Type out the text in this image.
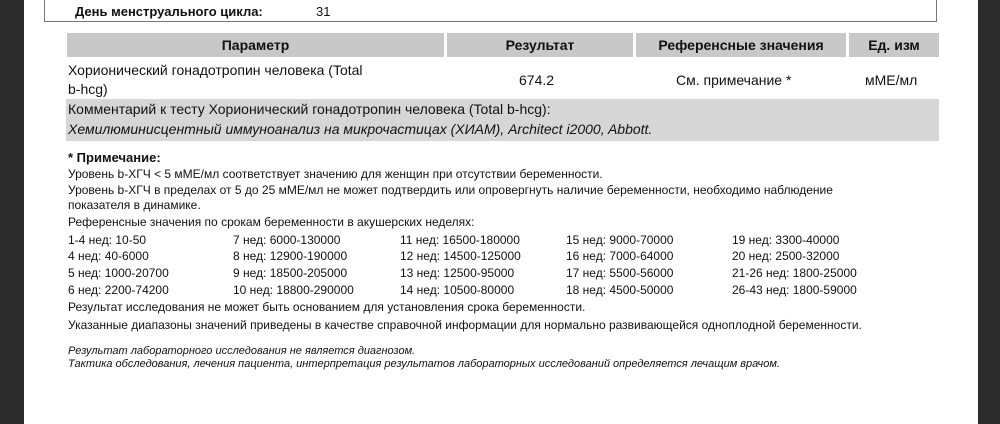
День менструального цикла:	31
Параметр	Результат	Референсные значения	Ед. изм
Хорионический гонадотропин человека (Total
b-hcg)
674.2	См. примечание *	мМЕ/мл
Комментарий к тесту Хорионический гонадотропин человека (Total b-hcg):
Хемилюминисцентный иммуноанализ на микрочастицах (ХИАМ), Architect i2000, Abbott.
* Примечание:
Уровень b-ХГЧ < 5 мМЕ/мл соответствует значению для женщин при отсутствии беременности.
Уровень b-ХГЧ в пределах от 5 до 25 мМЕ/мл не может подтвердить или опровергнуть наличие беременности, необходимо наблюдение
показателя в динамике.
Референсные значения по срокам беременности в акушерских неделях:
1-4 нед: 10-50	7 нед: 6000-130000	11 нед: 16500-180000	15 нед: 9000-70000	19 нед: 3300-40000
4 нед: 40-6000	8 нед: 12900-190000	12 нед: 14500-125000	16 нед: 7000-64000	20 нед: 2500-32000
5 нед: 1000-20700	9 нед: 18500-205000	13 нед: 12500-95000	17 нед: 5500-56000	21-26 нед: 1800-25000
6 нед: 2200-74200	10 нед: 18800-290000	14 нед: 10500-80000	18 нед: 4500-50000	26-43 нед: 1800-59000
Результат исследования не может быть основанием для установления срока беременности.
Указанные диапазоны значений приведены в качестве справочной информации для нормально развивающейся одноплодной беременности.
Результат лабораторного исследования не является диагнозом.
Тактика обследования, лечения пациента, интерпретация результатов лабораторных исследований определяется лечащим врачом.
